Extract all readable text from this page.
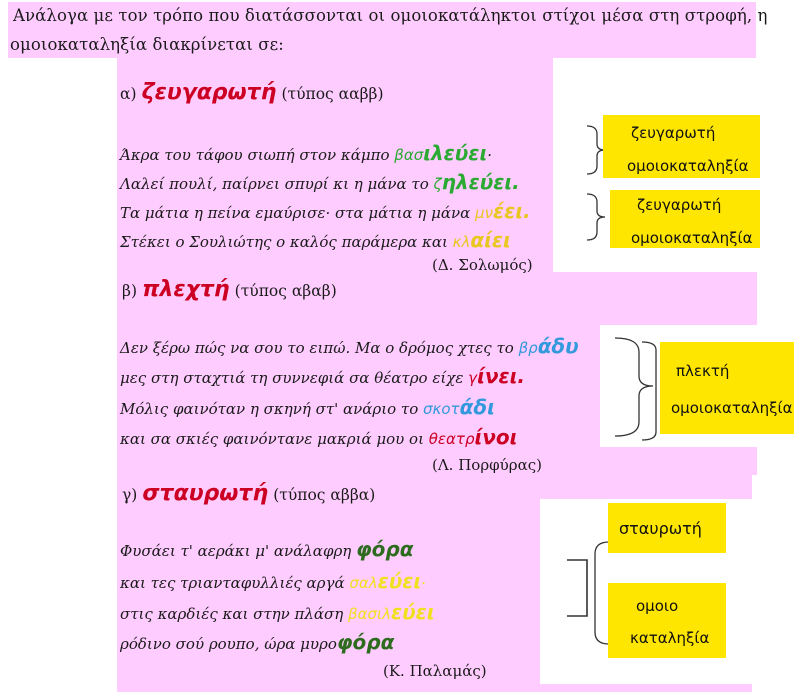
Ανάλογα με τον τρόπο που διατάσσονται οι ομοιοκατάληκτοι στίχοι μέσα στη στροφή, η
ομοιοκαταληξία διακρίνεται σε:
α) ζευγαρωτή (τύπος ααββ)
Άκρα του τάφου σιωπή στον κάμπο βασιλεύει·
Λαλεί πουλί, παίρνει σπυρί κι η μάνα το ζηλεύει.
Τα μάτια η πείνα εμαύρισε· στα μάτια η μάνα μνέει.
Στέκει ο Σουλιώτης ο καλός παράμερα και κλαίει
(Δ. Σολωμός)
ζευγαρωτή
ομοιοκαταληξία
ζευγαρωτή
ομοιοκαταληξία
β) πλεχτή (τύπος αβαβ)
Δεν ξέρω πώς να σου το ειπώ. Μα ο δρόμος χτες το βράδυ
μες στη σταχτιά τη συννεφιά σα θέατρο είχε γίνει.
Μόλις φαινόταν η σκηνή στ' ανάριο το σκοτάδι
και σα σκιές φαινόντανε μακριά μου οι θεατρίνοι
(Λ. Πορφύρας)
πλεκτή
ομοιοκαταληξία
γ) σταυρωτή (τύπος αββα)
Φυσάει τ' αεράκι μ' ανάλαφρη φόρα
και τες τριανταφυλλιές αργά σαλεύει·
στις καρδιές και στην πλάση βασιλεύει
ρόδινο σού ρουπο, ώρα μυροφόρα
(Κ. Παλαμάς)
σταυρωτή
ομοιο
καταληξία
